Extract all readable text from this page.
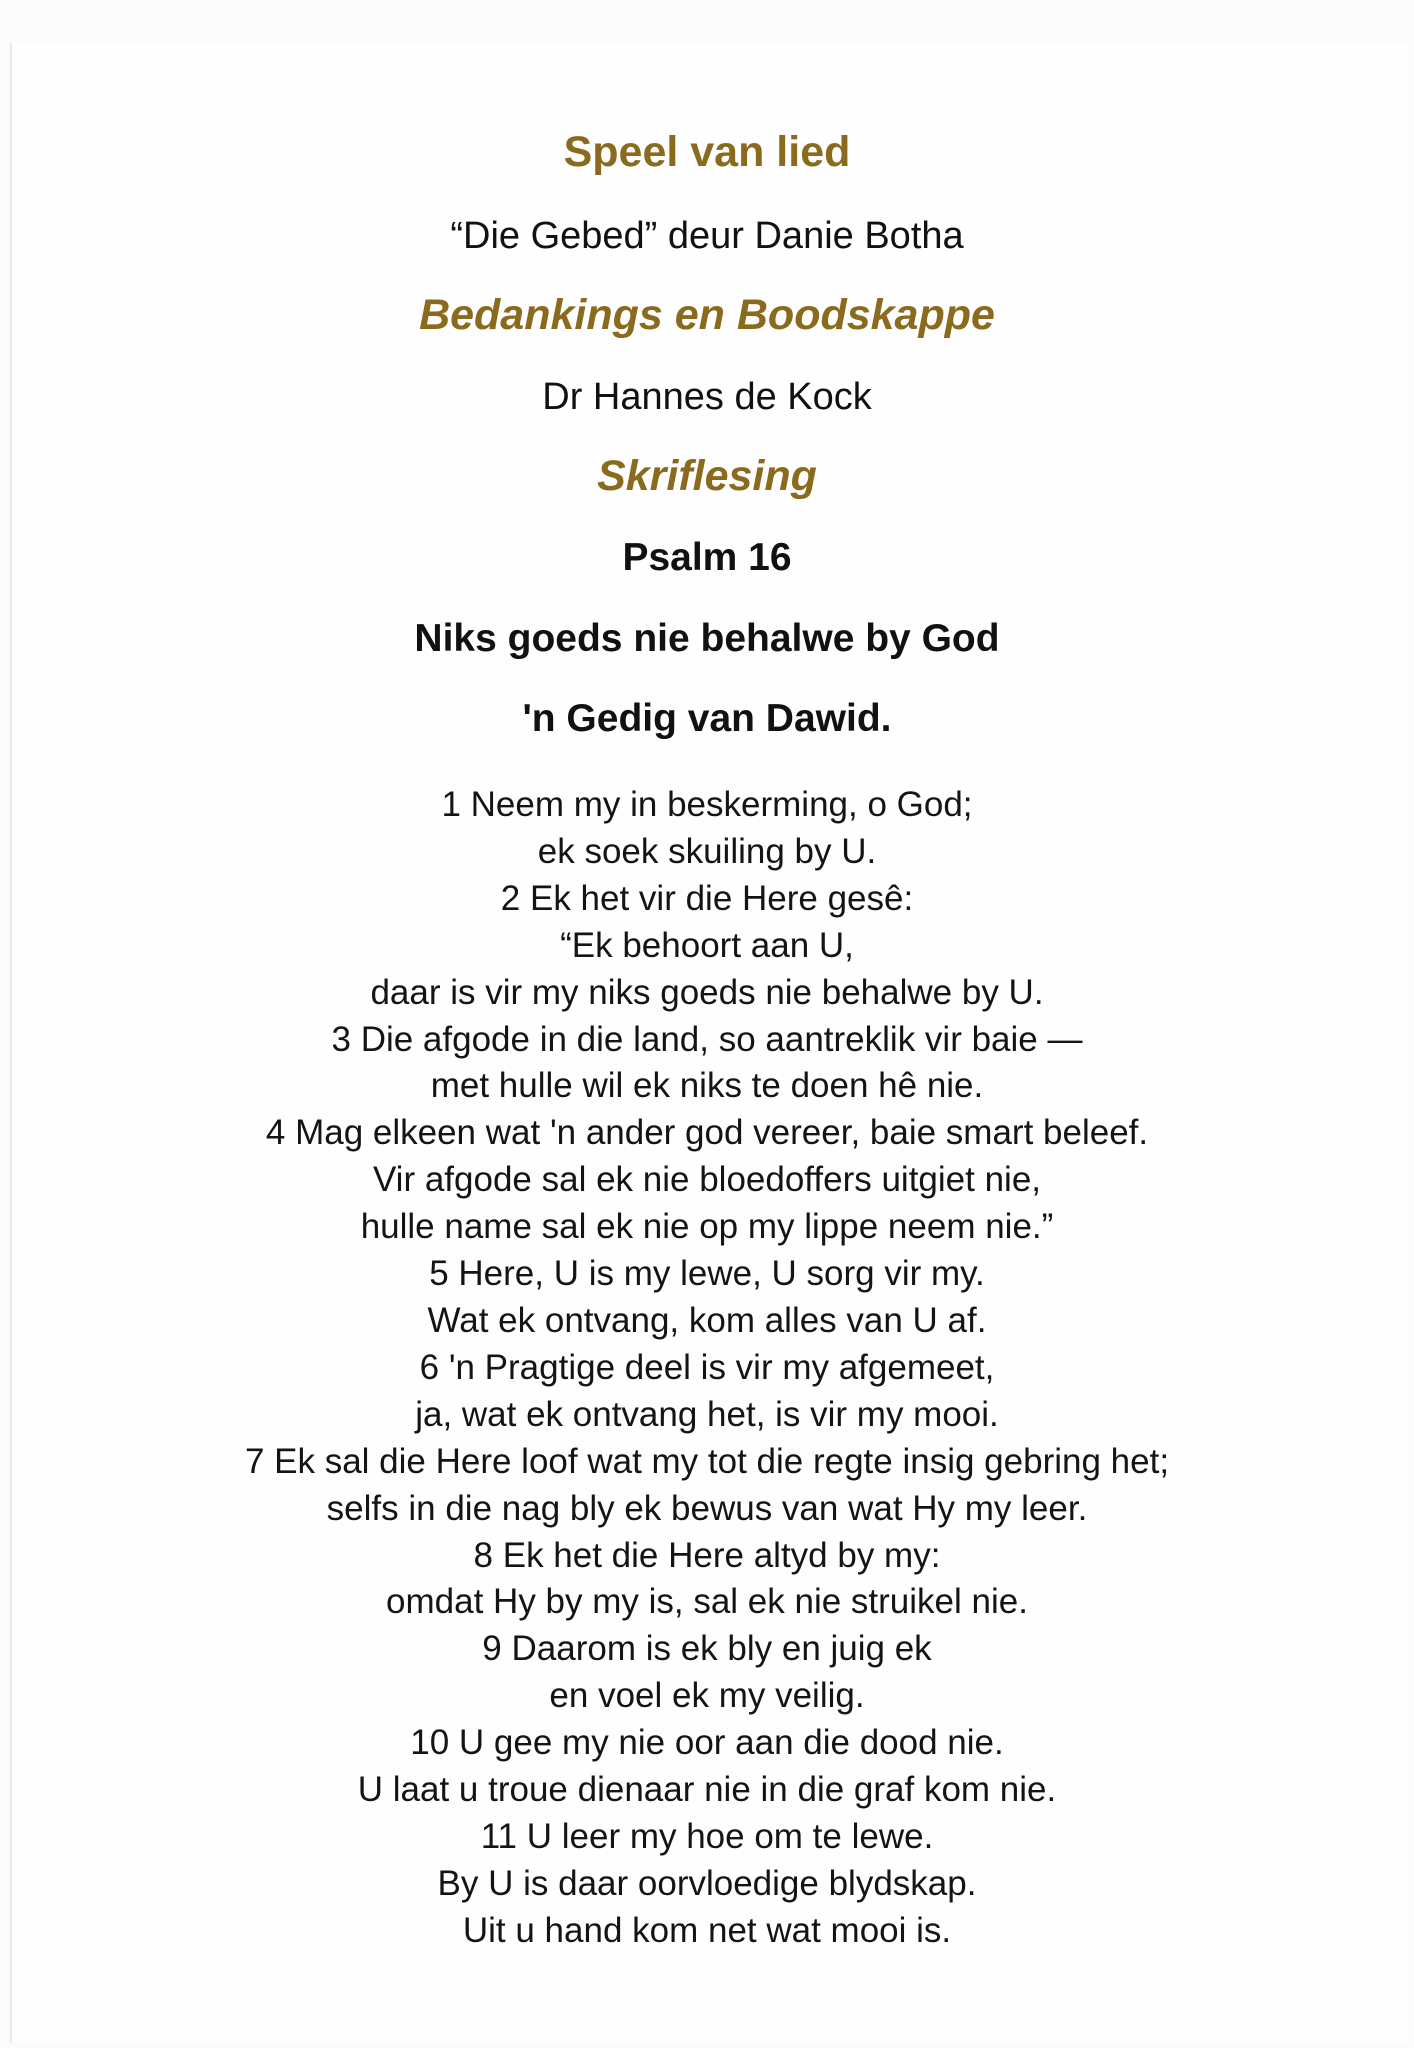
Speel van lied
“Die Gebed” deur Danie Botha
Bedankings en Boodskappe
Dr Hannes de Kock
Skriflesing
Psalm 16
Niks goeds nie behalwe by God
'n Gedig van Dawid.
1 Neem my in beskerming, o God;
ek soek skuiling by U.
2 Ek het vir die Here gesê:
“Ek behoort aan U,
daar is vir my niks goeds nie behalwe by U.
3 Die afgode in die land, so aantreklik vir baie —
met hulle wil ek niks te doen hê nie.
4 Mag elkeen wat 'n ander god vereer, baie smart beleef.
Vir afgode sal ek nie bloedoffers uitgiet nie,
hulle name sal ek nie op my lippe neem nie.”
5 Here, U is my lewe, U sorg vir my.
Wat ek ontvang, kom alles van U af.
6 'n Pragtige deel is vir my afgemeet,
ja, wat ek ontvang het, is vir my mooi.
7 Ek sal die Here loof wat my tot die regte insig gebring het;
selfs in die nag bly ek bewus van wat Hy my leer.
8 Ek het die Here altyd by my:
omdat Hy by my is, sal ek nie struikel nie.
9 Daarom is ek bly en juig ek
en voel ek my veilig.
10 U gee my nie oor aan die dood nie.
U laat u troue dienaar nie in die graf kom nie.
11 U leer my hoe om te lewe.
By U is daar oorvloedige blydskap.
Uit u hand kom net wat mooi is.
